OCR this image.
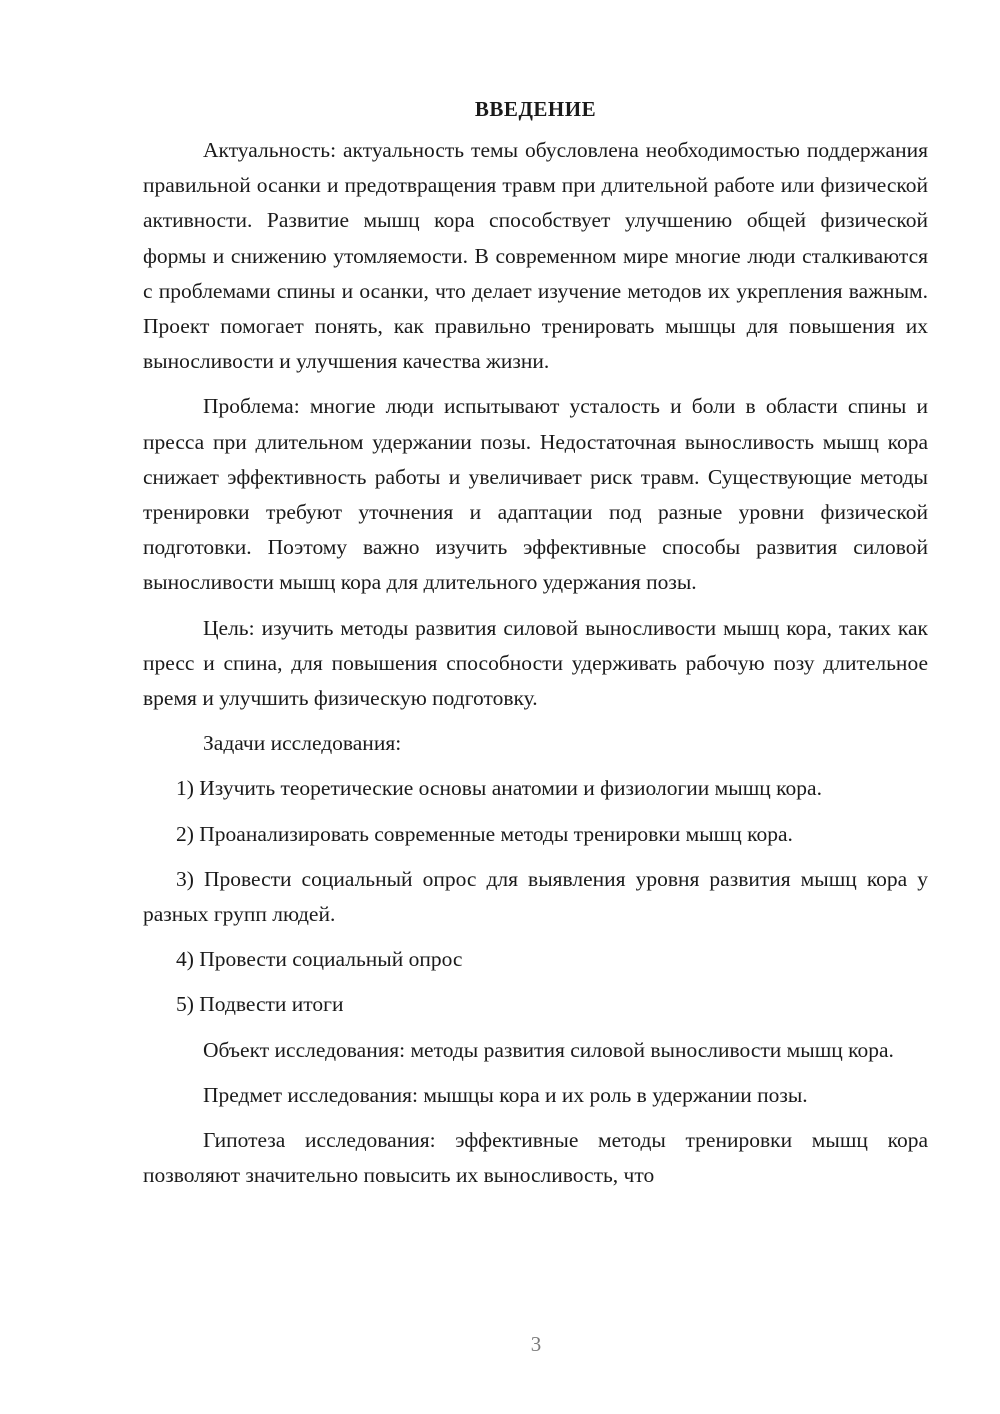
ВВЕДЕНИЕ

Актуальность: актуальность темы обусловлена необходимостью поддержания правильной осанки и предотвращения травм при длительной работе или физической активности. Развитие мышц кора способствует улучшению общей физической формы и снижению утомляемости. В современном мире многие люди сталкиваются с проблемами спины и осанки, что делает изучение методов их укрепления важным. Проект помогает понять, как правильно тренировать мышцы для повышения их выносливости и улучшения качества жизни.

Проблема: многие люди испытывают усталость и боли в области спины и пресса при длительном удержании позы. Недостаточная выносливость мышц кора снижает эффективность работы и увеличивает риск травм. Существующие методы тренировки требуют уточнения и адаптации под разные уровни физической подготовки. Поэтому важно изучить эффективные способы развития силовой выносливости мышц кора для длительного удержания позы.

Цель: изучить методы развития силовой выносливости мышц кора, таких как пресс и спина, для повышения способности удерживать рабочую позу длительное время и улучшить физическую подготовку.

Задачи исследования:

1) Изучить теоретические основы анатомии и физиологии мышц кора.

2) Проанализировать современные методы тренировки мышц кора.

3) Провести социальный опрос для выявления уровня развития мышц кора у разных групп людей.

4) Провести социальный опрос

5) Подвести итоги

Объект исследования: методы развития силовой выносливости мышц кора.

Предмет исследования: мышцы кора и их роль в удержании позы.

Гипотеза исследования: эффективные методы тренировки мышц кора позволяют значительно повысить их выносливость, что

3
